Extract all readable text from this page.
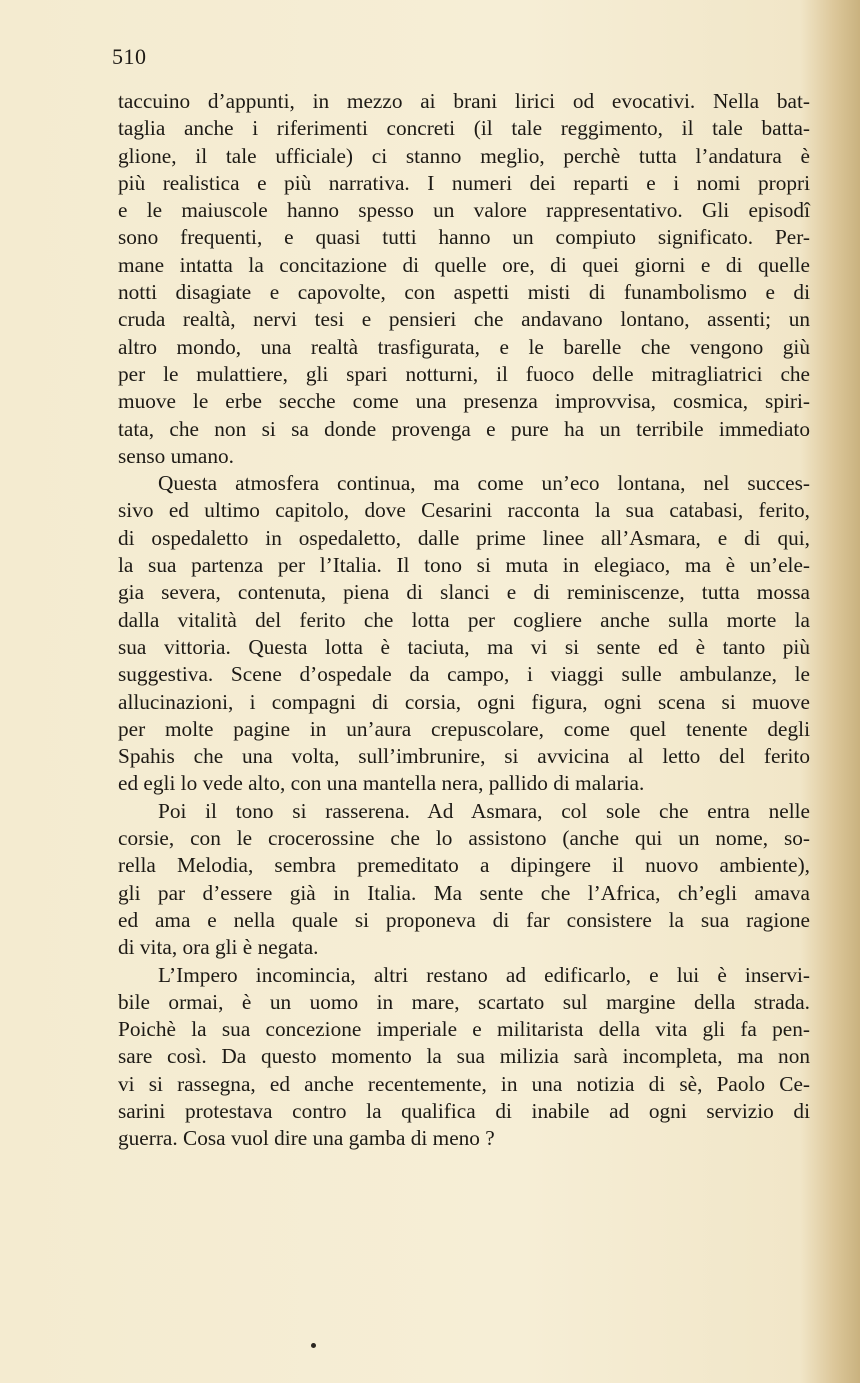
510
taccuino d’appunti, in mezzo ai brani lirici od evocativi. Nella bat-
taglia anche i riferimenti concreti (il tale reggimento, il tale batta-
glione, il tale ufficiale) ci stanno meglio, perchè tutta l’andatura è
più realistica e più narrativa. I numeri dei reparti e i nomi propri
e le maiuscole hanno spesso un valore rappresentativo. Gli episodî
sono frequenti, e quasi tutti hanno un compiuto significato. Per-
mane intatta la concitazione di quelle ore, di quei giorni e di quelle
notti disagiate e capovolte, con aspetti misti di funambolismo e di
cruda realtà, nervi tesi e pensieri che andavano lontano, assenti; un
altro mondo, una realtà trasfigurata, e le barelle che vengono giù
per le mulattiere, gli spari notturni, il fuoco delle mitragliatrici che
muove le erbe secche come una presenza improvvisa, cosmica, spiri-
tata, che non si sa donde provenga e pure ha un terribile immediato
senso umano.
Questa atmosfera continua, ma come un’eco lontana, nel succes-
sivo ed ultimo capitolo, dove Cesarini racconta la sua catabasi, ferito,
di ospedaletto in ospedaletto, dalle prime linee all’Asmara, e di qui,
la sua partenza per l’Italia. Il tono si muta in elegiaco, ma è un’ele-
gia severa, contenuta, piena di slanci e di reminiscenze, tutta mossa
dalla vitalità del ferito che lotta per cogliere anche sulla morte la
sua vittoria. Questa lotta è taciuta, ma vi si sente ed è tanto più
suggestiva. Scene d’ospedale da campo, i viaggi sulle ambulanze, le
allucinazioni, i compagni di corsia, ogni figura, ogni scena si muove
per molte pagine in un’aura crepuscolare, come quel tenente degli
Spahis che una volta, sull’imbrunire, si avvicina al letto del ferito
ed egli lo vede alto, con una mantella nera, pallido di malaria.
Poi il tono si rasserena. Ad Asmara, col sole che entra nelle
corsie, con le crocerossine che lo assistono (anche qui un nome, so-
rella Melodia, sembra premeditato a dipingere il nuovo ambiente),
gli par d’essere già in Italia. Ma sente che l’Africa, ch’egli amava
ed ama e nella quale si proponeva di far consistere la sua ragione
di vita, ora gli è negata.
L’Impero incomincia, altri restano ad edificarlo, e lui è inservi-
bile ormai, è un uomo in mare, scartato sul margine della strada.
Poichè la sua concezione imperiale e militarista della vita gli fa pen-
sare così. Da questo momento la sua milizia sarà incompleta, ma non
vi si rassegna, ed anche recentemente, in una notizia di sè, Paolo Ce-
sarini protestava contro la qualifica di inabile ad ogni servizio di
guerra. Cosa vuol dire una gamba di meno ?
